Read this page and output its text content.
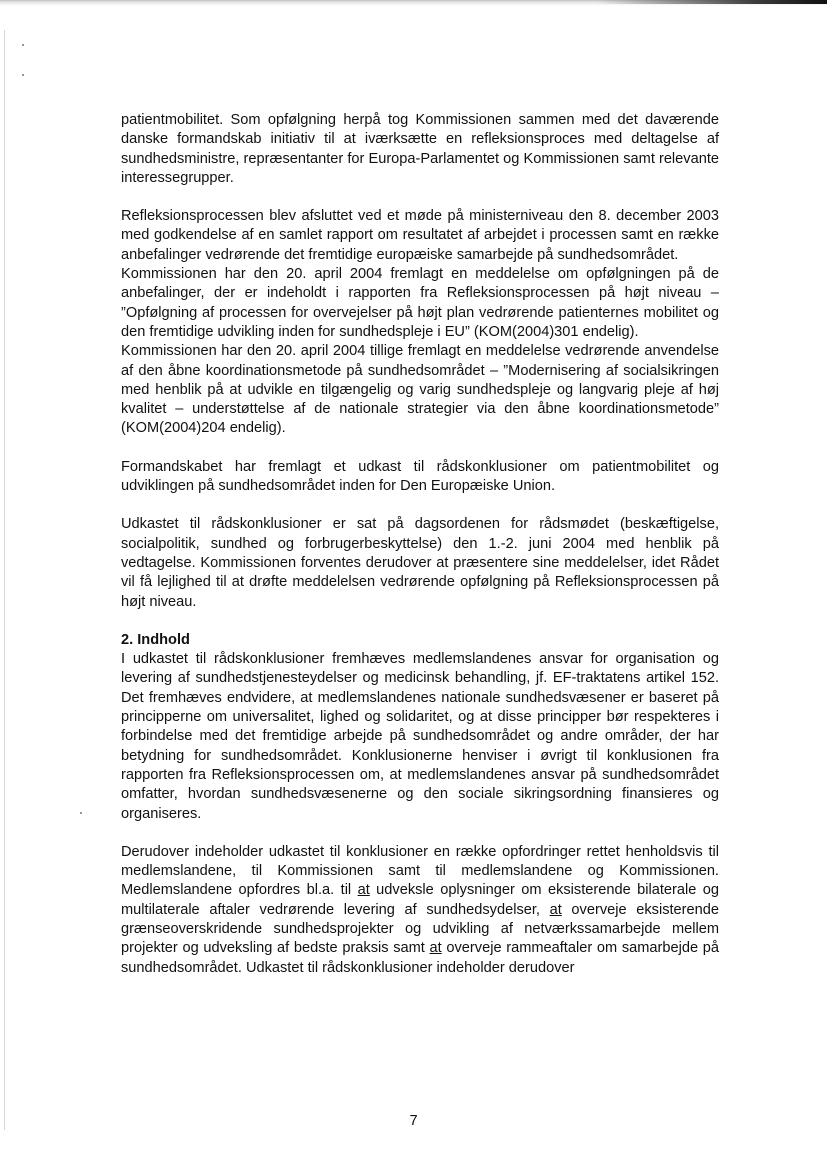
patientmobilitet. Som opfølgning herpå tog Kommissionen sammen med det daværende danske formandskab initiativ til at iværksætte en refleksionsproces med deltagelse af sundhedsministre, repræsentanter for Europa-Parlamentet og Kommissionen samt relevante interessegrupper.

Refleksionsprocessen blev afsluttet ved et møde på ministerniveau den 8. december 2003 med godkendelse af en samlet rapport om resultatet af arbejdet i processen samt en række anbefalinger vedrørende det fremtidige europæiske samarbejde på sundhedsområdet.

Kommissionen har den 20. april 2004 fremlagt en meddelelse om opfølgningen på de anbefalinger, der er indeholdt i rapporten fra Refleksionsprocessen på højt niveau – ”Opfølgning af processen for overvejelser på højt plan vedrørende patienternes mobilitet og den fremtidige udvikling inden for sundhedspleje i EU” (KOM(2004)301 endelig).

Kommissionen har den 20. april 2004 tillige fremlagt en meddelelse vedrørende anvendelse af den åbne koordinationsmetode på sundhedsområdet – ”Modernisering af socialsikringen med henblik på at udvikle en tilgængelig og varig sundhedspleje og langvarig pleje af høj kvalitet – understøttelse af de nationale strategier via den åbne koordinationsmetode” (KOM(2004)204 endelig).

Formandskabet har fremlagt et udkast til rådskonklusioner om patientmobilitet og udviklingen på sundhedsområdet inden for Den Europæiske Union.

Udkastet til rådskonklusioner er sat på dagsordenen for rådsmødet (beskæftigelse, socialpolitik, sundhed og forbrugerbeskyttelse) den 1.-2. juni 2004 med henblik på vedtagelse. Kommissionen forventes derudover at præsentere sine meddelelser, idet Rådet vil få lejlighed til at drøfte meddelelsen vedrørende opfølgning på Refleksionsprocessen på højt niveau.

2. Indhold

I udkastet til rådskonklusioner fremhæves medlemslandenes ansvar for organisation og levering af sundhedstjenesteydelser og medicinsk behandling, jf. EF-traktatens artikel 152. Det fremhæves endvidere, at medlemslandenes nationale sundhedsvæsener er baseret på principperne om universalitet, lighed og solidaritet, og at disse principper bør respekteres i forbindelse med det fremtidige arbejde på sundhedsområdet og andre områder, der har betydning for sundhedsområdet. Konklusionerne henviser i øvrigt til konklusionen fra rapporten fra Refleksionsprocessen om, at medlemslandenes ansvar på sundhedsområdet omfatter, hvordan sundhedsvæsenerne og den sociale sikringsordning finansieres og organiseres.

Derudover indeholder udkastet til konklusioner en række opfordringer rettet henholdsvis til medlemslandene, til Kommissionen samt til medlemslandene og Kommissionen. Medlemslandene opfordres bl.a. til at udveksle oplysninger om eksisterende bilaterale og multilaterale aftaler vedrørende levering af sundhedsydelser, at overveje eksisterende grænseoverskridende sundhedsprojekter og udvikling af netværkssamarbejde mellem projekter og udveksling af bedste praksis samt at overveje rammeaftaler om samarbejde på sundhedsområdet. Udkastet til rådskonklusioner indeholder derudover

7
